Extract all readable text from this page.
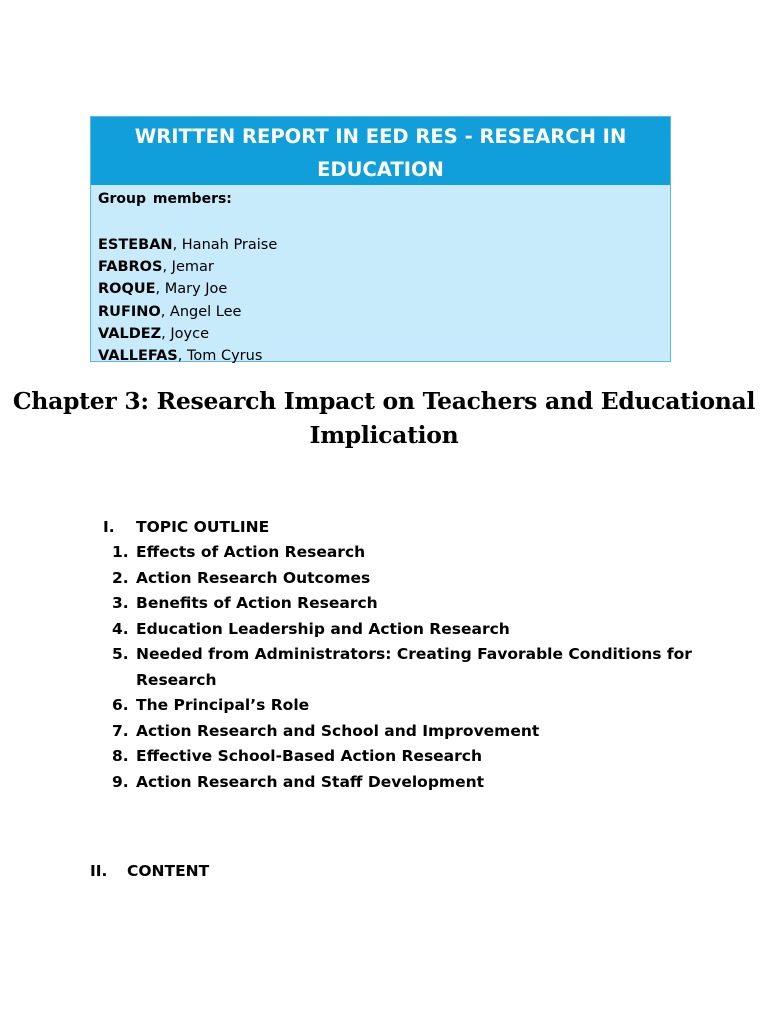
WRITTEN REPORT IN EED RES - RESEARCH IN EDUCATION
Group members:
ESTEBAN, Hanah Praise
FABROS, Jemar
ROQUE, Mary Joe
RUFINO, Angel Lee
VALDEZ, Joyce
VALLEFAS, Tom Cyrus
Chapter 3: Research Impact on Teachers and Educational Implication
I. TOPIC OUTLINE
1. Effects of Action Research
2. Action Research Outcomes
3. Benefits of Action Research
4. Education Leadership and Action Research
5. Needed from Administrators: Creating Favorable Conditions for Research
6. The Principal’s Role
7. Action Research and School and Improvement
8. Effective School-Based Action Research
9. Action Research and Staff Development
II. CONTENT
